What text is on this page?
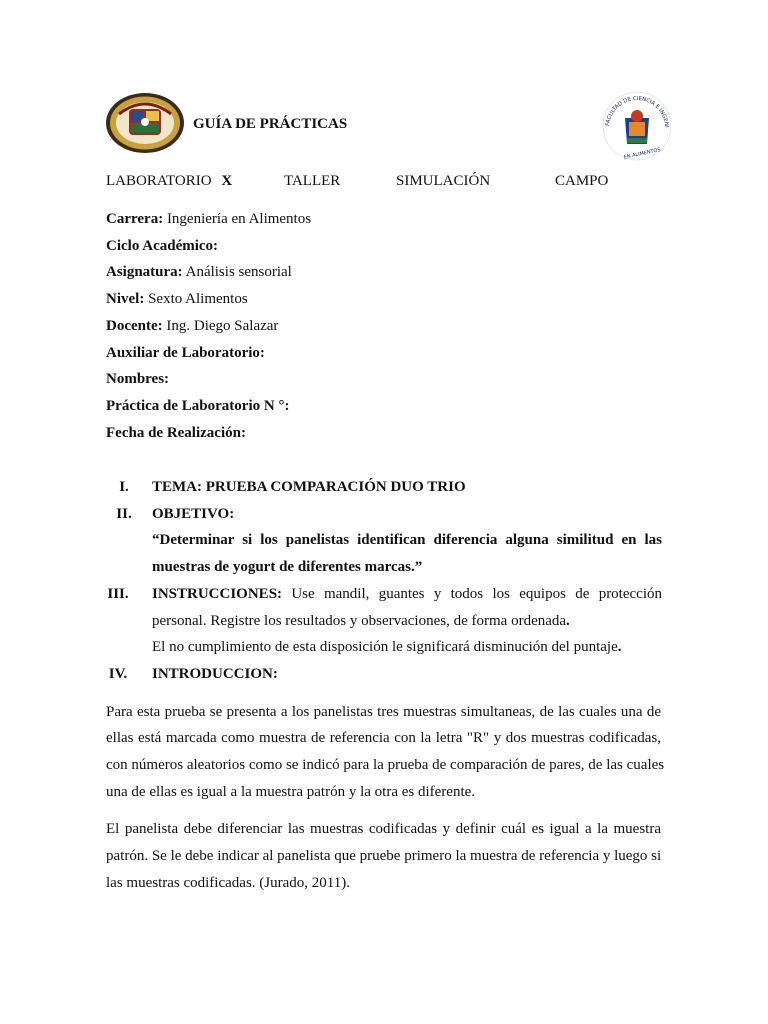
GUÍA DE PRÁCTICAS	FACULTAD DE CIENCIA E INGENI
EN ALIMENTOS
LABORATORIO X	TALLER	SIMULACIÓN	CAMPO
Carrera: Ingeniería en Alimentos
Ciclo Académico:
Asignatura: Análisis sensorial
Nivel: Sexto Alimentos
Docente: Ing. Diego Salazar
Auxiliar de Laboratorio:
Nombres:
Práctica de Laboratorio N °:
Fecha de Realización:
I.	TEMA: PRUEBA COMPARACIÓN DUO TRIO
II.	OBJETIVO:
“Determinar si los panelistas identifican diferencia alguna similitud en las
muestras de yogurt de diferentes marcas.”
III.	INSTRUCCIONES: Use mandil, guantes y todos los equipos de protección
personal. Registre los resultados y observaciones, de forma ordenada.
El no cumplimiento de esta disposición le significará disminución del puntaje.
IV.	INTRODUCCION:
Para esta prueba se presenta a los panelistas tres muestras simultaneas, de las cuales una de
ellas está marcada como muestra de referencia con la letra "R" y dos muestras codificadas,
con números aleatorios como se indicó para la prueba de comparación de pares, de las cuales
una de ellas es igual a la muestra patrón y la otra es diferente.
El panelista debe diferenciar las muestras codificadas y definir cuál es igual a la muestra
patrón. Se le debe indicar al panelista que pruebe primero la muestra de referencia y luego si
las muestras codificadas. (Jurado, 2011).
